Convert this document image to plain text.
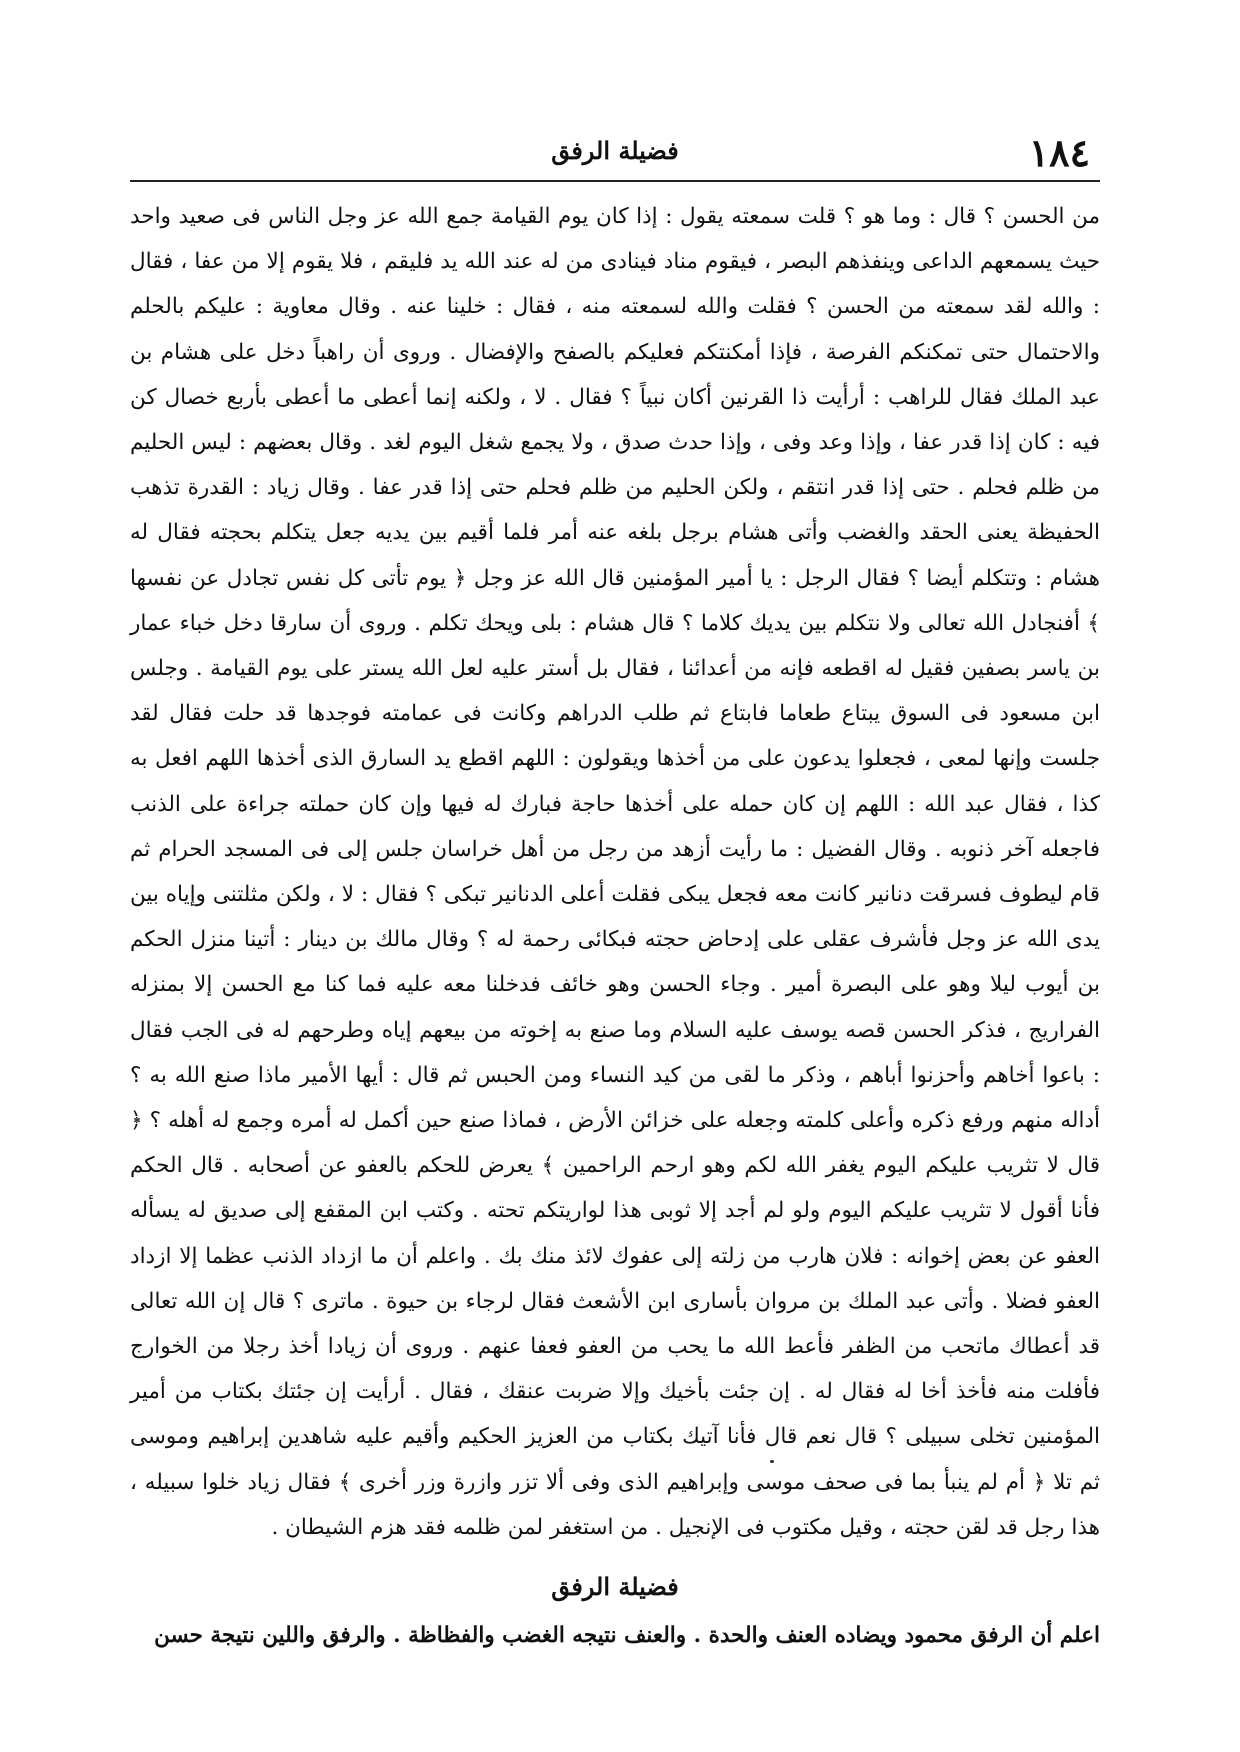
١٨٤
فضيلة الرفق

من الحسن ؟ قال : وما هو ؟ قلت سمعته يقول : إذا كان يوم القيامة جمع الله عز وجل الناس فى صعيد واحد حيث يسمعهم الداعى وينفذهم البصر ، فيقوم مناد فينادى من له عند الله يد فليقم ، فلا يقوم إلا من عفا ، فقال : والله لقد سمعته من الحسن ؟ فقلت والله لسمعته منه ، فقال : خلينا عنه . وقال معاوية : عليكم بالحلم والاحتمال حتى تمكنكم الفرصة ، فإذا أمكنتكم فعليكم بالصفح والإفضال . وروى أن راهباً دخل على هشام بن عبد الملك فقال للراهب : أرأيت ذا القرنين أكان نبياً ؟ فقال . لا ، ولكنه إنما أعطى ما أعطى بأربع خصال كن فيه : كان إذا قدر عفا ، وإذا وعد وفى ، وإذا حدث صدق ، ولا يجمع شغل اليوم لغد . وقال بعضهم : ليس الحليم من ظلم فحلم . حتى إذا قدر انتقم ، ولكن الحليم من ظلم فحلم حتى إذا قدر عفا . وقال زياد : القدرة تذهب الحفيظة يعنى الحقد والغضب وأتى هشام برجل بلغه عنه أمر فلما أقيم بين يديه جعل يتكلم بحجته فقال له هشام : وتتكلم أيضا ؟ فقال الرجل : يا أمير المؤمنين قال الله عز وجل ﴿ يوم تأتى كل نفس تجادل عن نفسها ﴾ أفنجادل الله تعالى ولا نتكلم بين يديك كلاما ؟ قال هشام : بلى ويحك تكلم . وروى أن سارقا دخل خباء عمار بن ياسر بصفين فقيل له اقطعه فإنه من أعدائنا ، فقال بل أستر عليه لعل الله يستر على يوم القيامة . وجلس ابن مسعود فى السوق يبتاع طعاما فابتاع ثم طلب الدراهم وكانت فى عمامته فوجدها قد حلت فقال لقد جلست وإنها لمعى ، فجعلوا يدعون على من أخذها ويقولون : اللهم اقطع يد السارق الذى أخذها اللهم افعل به كذا ، فقال عبد الله : اللهم إن كان حمله على أخذها حاجة فبارك له فيها وإن كان حملته جراءة على الذنب فاجعله آخر ذنوبه . وقال الفضيل : ما رأيت أزهد من رجل من أهل خراسان جلس إلى فى المسجد الحرام ثم قام ليطوف فسرقت دنانير كانت معه فجعل يبكى فقلت أعلى الدنانير تبكى ؟ فقال : لا ، ولكن مثلتنى وإياه بين يدى الله عز وجل فأشرف عقلى على إدحاض حجته فبكائى رحمة له ؟ وقال مالك بن دينار : أتينا منزل الحكم بن أيوب ليلا وهو على البصرة أمير . وجاء الحسن وهو خائف فدخلنا معه عليه فما كنا مع الحسن إلا بمنزله الفراريج ، فذكر الحسن قصه يوسف عليه السلام وما صنع به إخوته من بيعهم إياه وطرحهم له فى الجب فقال : باعوا أخاهم وأحزنوا أباهم ، وذكر ما لقى من كيد النساء ومن الحبس ثم قال : أيها الأمير ماذا صنع الله به ؟ أداله منهم ورفع ذكره وأعلى كلمته وجعله على خزائن الأرض ، فماذا صنع حين أكمل له أمره وجمع له أهله ؟ ﴿ قال لا تثريب عليكم اليوم يغفر الله لكم وهو ارحم الراحمين ﴾ يعرض للحكم بالعفو عن أصحابه . قال الحكم فأنا أقول لا تثريب عليكم اليوم ولو لم أجد إلا ثوبى هذا لواريتكم تحته . وكتب ابن المقفع إلى صديق له يسأله العفو عن بعض إخوانه : فلان هارب من زلته إلى عفوك لائذ منك بك . واعلم أن ما ازداد الذنب عظما إلا ازداد العفو فضلا . وأتى عبد الملك بن مروان بأسارى ابن الأشعث فقال لرجاء بن حيوة . ماترى ؟ قال إن الله تعالى قد أعطاك ماتحب من الظفر فأعط الله ما يحب من العفو فعفا عنهم . وروى أن زيادا أخذ رجلا من الخوارج فأفلت منه فأخذ أخا له فقال له . إن جئت بأخيك وإلا ضربت عنقك ، فقال . أرأيت إن جئتك بكتاب من أمير المؤمنين تخلى سبيلى ؟ قال نعم قال فأنا آتيك بكتاب من العزيز الحكيم وأقيم عليه شاهدين إبراهيم وموسى ثم تلا ﴿ أم لم ينبأ بما فى صحف موسى وإبراهيم الذى وفى ألا تزر وازرة وزر أخرى ﴾ فقال زياد خلوا سبيله ، هذا رجل قد لقن حجته ، وقيل مكتوب فى الإنجيل . من استغفر لمن ظلمه فقد هزم الشيطان .

فضيلة الرفق
اعلم أن الرفق محمود ويضاده العنف والحدة . والعنف نتيجه الغضب والفظاظة . والرفق واللين نتيجة حسن
